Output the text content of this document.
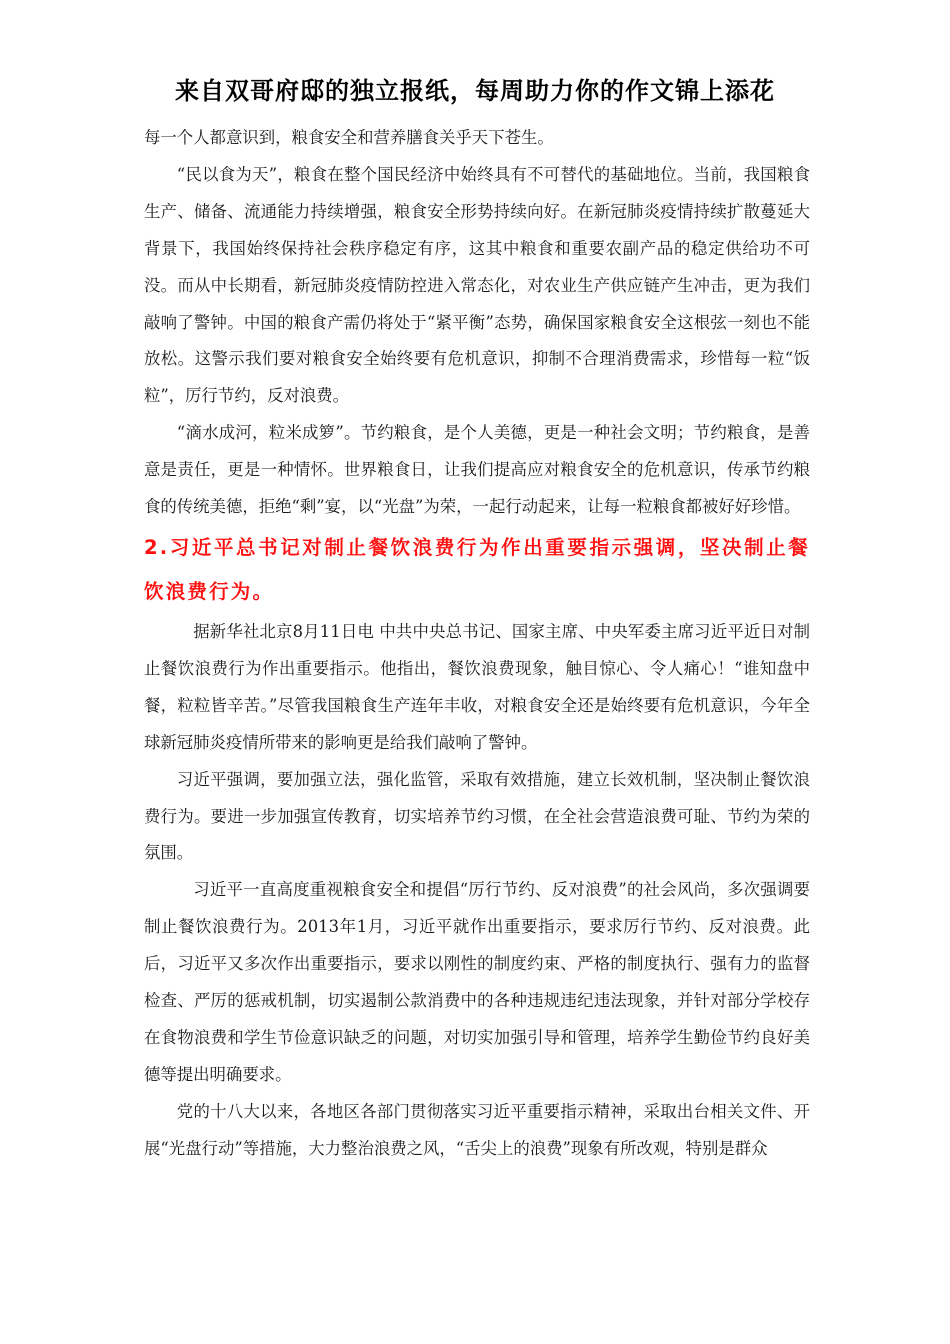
来自双哥府邸的独立报纸，每周助力你的作文锦上添花

每一个人都意识到，粮食安全和营养膳食关乎天下苍生。

“民以食为天”，粮食在整个国民经济中始终具有不可替代的基础地位。当前，我国粮食生产、储备、流通能力持续增强，粮食安全形势持续向好。在新冠肺炎疫情持续扩散蔓延大背景下，我国始终保持社会秩序稳定有序，这其中粮食和重要农副产品的稳定供给功不可没。而从中长期看，新冠肺炎疫情防控进入常态化，对农业生产供应链产生冲击，更为我们敲响了警钟。中国的粮食产需仍将处于“紧平衡”态势，确保国家粮食安全这根弦一刻也不能放松。这警示我们要对粮食安全始终要有危机意识，抑制不合理消费需求，珍惜每一粒“饭粒”，厉行节约，反对浪费。

“滴水成河，粒米成箩”。节约粮食，是个人美德，更是一种社会文明；节约粮食，是善意是责任，更是一种情怀。世界粮食日，让我们提高应对粮食安全的危机意识，传承节约粮食的传统美德，拒绝“剩”宴，以“光盘”为荣，一起行动起来，让每一粒粮食都被好好珍惜。

2.习近平总书记对制止餐饮浪费行为作出重要指示强调，坚决制止餐饮浪费行为。

据新华社北京8月11日电 中共中央总书记、国家主席、中央军委主席习近平近日对制止餐饮浪费行为作出重要指示。他指出，餐饮浪费现象，触目惊心、令人痛心！“谁知盘中餐，粒粒皆辛苦。”尽管我国粮食生产连年丰收，对粮食安全还是始终要有危机意识，今年全球新冠肺炎疫情所带来的影响更是给我们敲响了警钟。

习近平强调，要加强立法，强化监管，采取有效措施，建立长效机制，坚决制止餐饮浪费行为。要进一步加强宣传教育，切实培养节约习惯，在全社会营造浪费可耻、节约为荣的氛围。

习近平一直高度重视粮食安全和提倡“厉行节约、反对浪费”的社会风尚，多次强调要制止餐饮浪费行为。2013年1月，习近平就作出重要指示，要求厉行节约、反对浪费。此后，习近平又多次作出重要指示，要求以刚性的制度约束、严格的制度执行、强有力的监督检查、严厉的惩戒机制，切实遏制公款消费中的各种违规违纪违法现象，并针对部分学校存在食物浪费和学生节俭意识缺乏的问题，对切实加强引导和管理，培养学生勤俭节约良好美德等提出明确要求。

党的十八大以来，各地区各部门贯彻落实习近平重要指示精神，采取出台相关文件、开展“光盘行动”等措施，大力整治浪费之风，“舌尖上的浪费”现象有所改观，特别是群众
